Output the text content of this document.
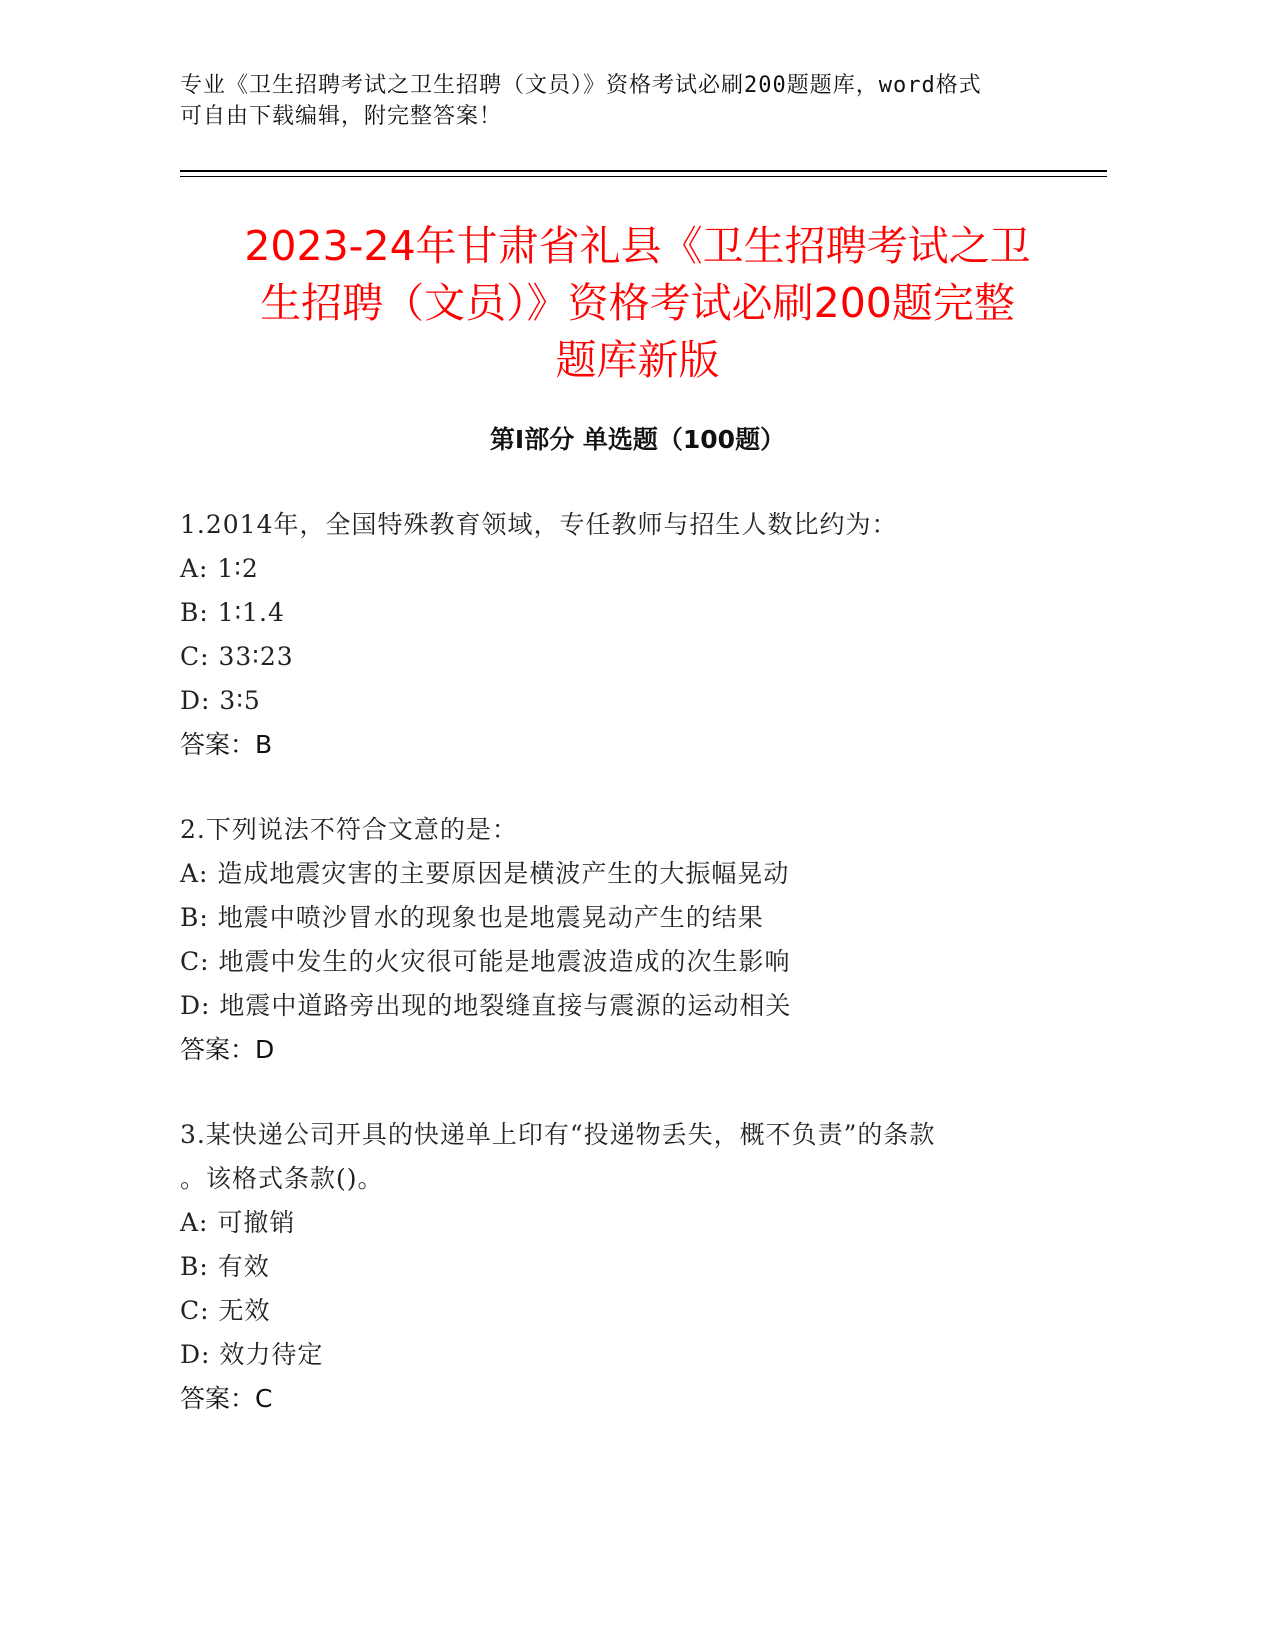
专业《卫生招聘考试之卫生招聘（文员）》资格考试必刷200题题库，word格式
可自由下载编辑，附完整答案！
2023-24年甘肃省礼县《卫生招聘考试之卫
生招聘（文员）》资格考试必刷200题完整
题库新版
第Ⅰ部分 单选题（100题）
1.2014年，全国特殊教育领域，专任教师与招生人数比约为：
A: 1∶2
B: 1∶1.4
C: 33∶23
D: 3∶5
答案：B
2.下列说法不符合文意的是：
A: 造成地震灾害的主要原因是横波产生的大振幅晃动
B: 地震中喷沙冒水的现象也是地震晃动产生的结果
C: 地震中发生的火灾很可能是地震波造成的次生影响
D: 地震中道路旁出现的地裂缝直接与震源的运动相关
答案：D
3.某快递公司开具的快递单上印有“投递物丢失，概不负责”的条款
。该格式条款()。
A: 可撤销
B: 有效
C: 无效
D: 效力待定
答案：C
